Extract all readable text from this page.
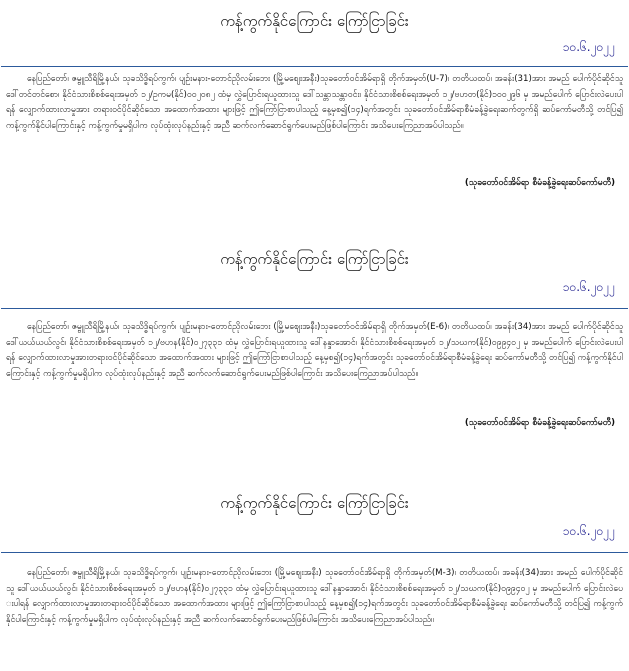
ကန့်ကွက်နိုင်ကြောင်း ကြော်ငြာခြင်း
၁၀.၆.၂၀၂၂
နေပြည်တော်၊ ဇမ္ဗူသီရိမြို့နယ်၊ သုခသိဒ္ဓိရပ်ကွက်၊ ပျဉ်းမနား-တောင်ညိုလမ်းဘေး (မြို့မစျေးအနီး)သုခတော်ဝင်အိမ်ရာရှိ တိုက်အမှတ်(U-7)၊ တတိယထပ်၊ အခန်း(31)အား အမည် ပေါက်ပိုင်ဆိုင်သူ ဒေါ်တင်တင်စော၊ နိုင်ငံသားစိစစ်ရေးအမှတ် ၁၂/ဥကမ(နိုင်)၀၀၂၀၈၂ ထံမှ လွှဲပြောင်းရယူထားသူ ဒေါ်သန္တာသန္တာဝင်း၊ နိုင်ငံသားစိစစ်ရေးအမှတ် ၁၂/ဗဟတ(နိုင်)၁၀၀၂၉၆ မှ အမည်ပေါက် ပြောင်းလဲပေးပါရန် လျှောက်ထားလာမှုအား တရားဝင်ပိုင်ဆိုင်သော အထောက်အထား များဖြင့် ဤကြော်ငြာစာပါသည့် နေ့မှစ၍(၁၄)ရက်အတွင်း သုခတော်ဝင်အိမ်ရာစီမံခန့်ခွဲရေးဆက်တွက်ရှိ ဆပ်ကော်မတီသို့ တင်ပြ၍ ကန့်ကွက်နိုင်ပါကြောင်းနှင့် ကန့်ကွက်မှုမရှိပါက လုပ်ထုံးလုပ်နည်းနှင့် အညီ ဆက်လက်ဆောင်ရွက်ပေးမည်ဖြစ်ပါကြောင်း အသိပေးကြေညာအပ်ပါသည်။
(သုခတော်ဝင်အိမ်ရာ စီမံခန့်ခွဲရေးဆပ်ကော်မတီ)
ကန့်ကွက်နိုင်ကြောင်း ကြော်ငြာခြင်း
၁၀.၆.၂၀၂၂
နေပြည်တော်၊ ဇမ္ဗူသီရိမြို့နယ်၊ သုခသိဒ္ဓိရပ်ကွက်၊ ပျဉ်းမနား-တောင်ညိုလမ်းဘေး (မြို့မစျေးအနီး)သုခတော်ဝင်အိမ်ရာရှိ တိုက်အမှတ်(E-6)၊ တတိယထပ်၊ အခန်း(34)အား အမည် ပေါက်ပိုင်ဆိုင်သူ ဒေါ်ယယ်ယယ်လွင်၊ နိုင်ငံသားစိစစ်ရေးအမှတ် ၁၂/ဗဟန(နိုင်)၀၂၇၃၃၁ ထံမှ လွှဲပြောင်းရယူထားသူ ဒေါ်နန္ဒာအောင်၊ နိုင်ငံသားစိစစ်ရေးအမှတ် ၁၂/သဃက(နိုင်)၀၉၉၄၀၂ မှ အမည်ပေါက် ပြောင်းလဲပေးပါရန် လျှောက်ထားလာမှုအားတရားဝင်ပိုင်ဆိုင်သော အထောက်အထား များဖြင့် ဤကြော်ငြာစာပါသည့် နေ့မှစ၍(၁၄)ရက်အတွင်း သုခတော်ဝင်အိမ်ရာစီမံခန့်ခွဲရေး ဆပ်ကော်မတီသို့ တင်ပြ၍ ကန့်ကွက်နိုင်ပါကြောင်းနှင့် ကန့်ကွက်မှုမရှိပါက လုပ်ထုံးလုပ်နည်းနှင့် အညီ ဆက်လက်ဆောင်ရွက်ပေးမည်ဖြစ်ပါကြောင်း အသိပေးကြေညာအပ်ပါသည်။
(သုခတော်ဝင်အိမ်ရာ စီမံခန့်ခွဲရေးဆပ်ကော်မတီ)
ကန့်ကွက်နိုင်ကြောင်း ကြော်ငြာခြင်း
၁၀.၆.၂၀၂၂
နေပြည်တော်၊ ဇမ္ဗူသီရိမြို့နယ်၊ သုခသိဒ္ဓိရပ်ကွက်၊ ပျဉ်းမနား-တောင်ညိုလမ်းဘေး (မြို့မစျေးအနီး) သုခတော်ဝင်အိမ်ရာရှိ တိုက်အမှတ်(M-3)၊ တတိယထပ်၊ အခန်း(34)အား အမည် ပေါက်ပိုင်ဆိုင်သူ ဒေါ်ယယ်ယယ်လွင်၊ နိုင်ငံသားစိစစ်ရေးအမှတ် ၁၂/ဗဟန(နိုင်)၀၂၇၃၃၁ ထံမှ လွှဲပြောင်းရယူထားသူ ဒေါ်နန္ဒာအောင်၊ နိုင်ငံသားစိစစ်ရေးအမှတ် ၁၂/သဃက(နိုင်)၀၉၉၄၀၂ မှ အမည်ပေါက် ပြောင်းလဲပေးပါရန် လျှောက်ထားလာမှုအားတရားဝင်ပိုင်ဆိုင်သော အထောက်အထား များဖြင့် ဤကြော်ငြာစာပါသည့် နေ့မှစ၍(၁၄)ရက်အတွင်း သုခတော်ဝင်အိမ်ရာစီမံခန့်ခွဲရေး ဆပ်ကော်မတီသို့ တင်ပြ၍ ကန့်ကွက်နိုင်ပါကြောင်းနှင့် ကန့်ကွက်မှုမရှိပါက လုပ်ထုံးလုပ်နည်းနှင့် အညီ ဆက်လက်ဆောင်ရွက်ပေးမည်ဖြစ်ပါကြောင်း အသိပေးကြေညာအပ်ပါသည်။
